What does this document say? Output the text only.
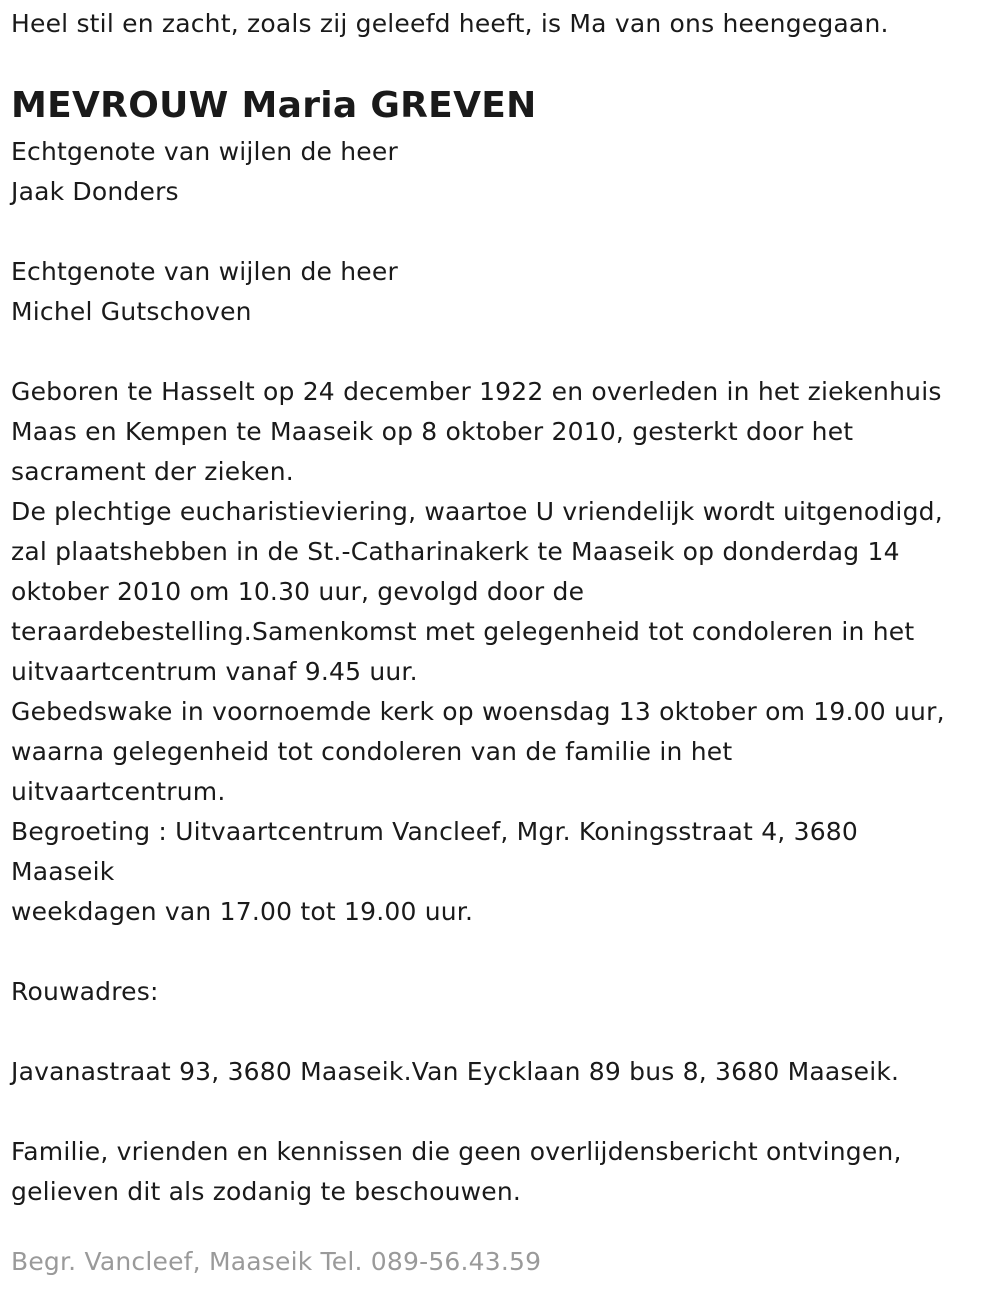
Heel stil en zacht, zoals zij geleefd heeft, is Ma van ons heengegaan.
MEVROUW Maria GREVEN
Echtgenote van wijlen de heer
Jaak Donders
Echtgenote van wijlen de heer
Michel Gutschoven
Geboren te Hasselt op 24 december 1922 en overleden in het ziekenhuis
Maas en Kempen te Maaseik op 8 oktober 2010, gesterkt door het
sacrament der zieken.
De plechtige eucharistieviering, waartoe U vriendelijk wordt uitgenodigd,
zal plaatshebben in de St.-Catharinakerk te Maaseik op donderdag 14
oktober 2010 om 10.30 uur, gevolgd door de
teraardebestelling.Samenkomst met gelegenheid tot condoleren in het
uitvaartcentrum vanaf 9.45 uur.
Gebedswake in voornoemde kerk op woensdag 13 oktober om 19.00 uur,
waarna gelegenheid tot condoleren van de familie in het
uitvaartcentrum.
Begroeting : Uitvaartcentrum Vancleef, Mgr. Koningsstraat 4, 3680
Maaseik
weekdagen van 17.00 tot 19.00 uur.
Rouwadres:
Javanastraat 93, 3680 Maaseik.Van Eycklaan 89 bus 8, 3680 Maaseik.
Familie, vrienden en kennissen die geen overlijdensbericht ontvingen,
gelieven dit als zodanig te beschouwen.
Begr. Vancleef, Maaseik Tel. 089-56.43.59
